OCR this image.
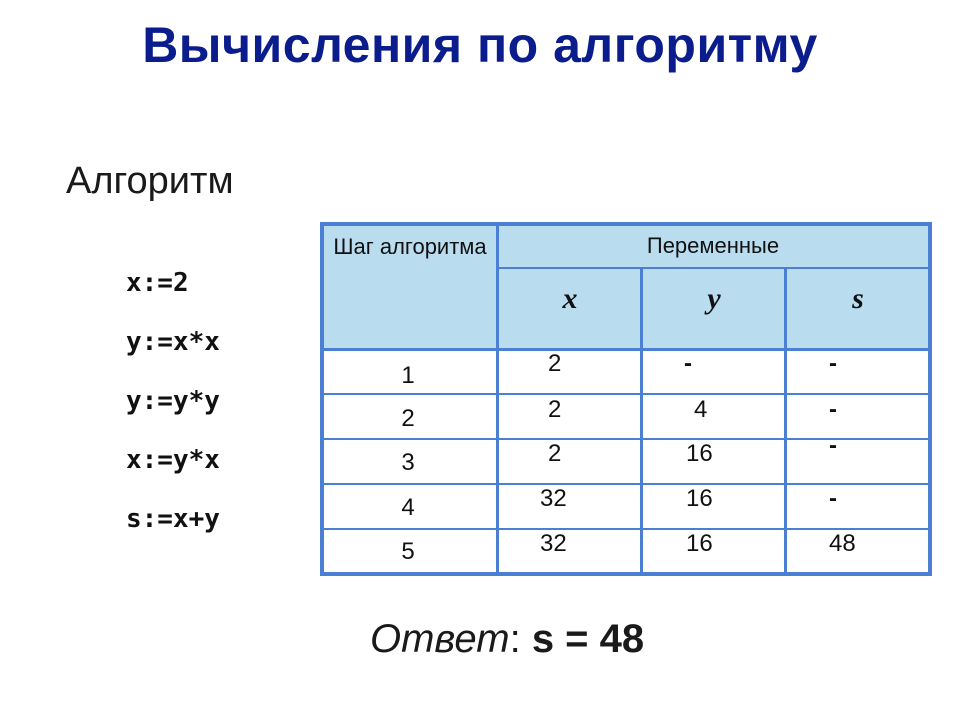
Вычисления по алгоритму
Алгоритм
x:=2
y:=x*x
y:=y*y
x:=y*x
s:=x+y
Шаг алгоритма	Переменные
x	y	s
1	2	-	-
2	2	4	-
3	2	16	-
4	32	16	-
5	32	16	48
Ответ: s = 48
